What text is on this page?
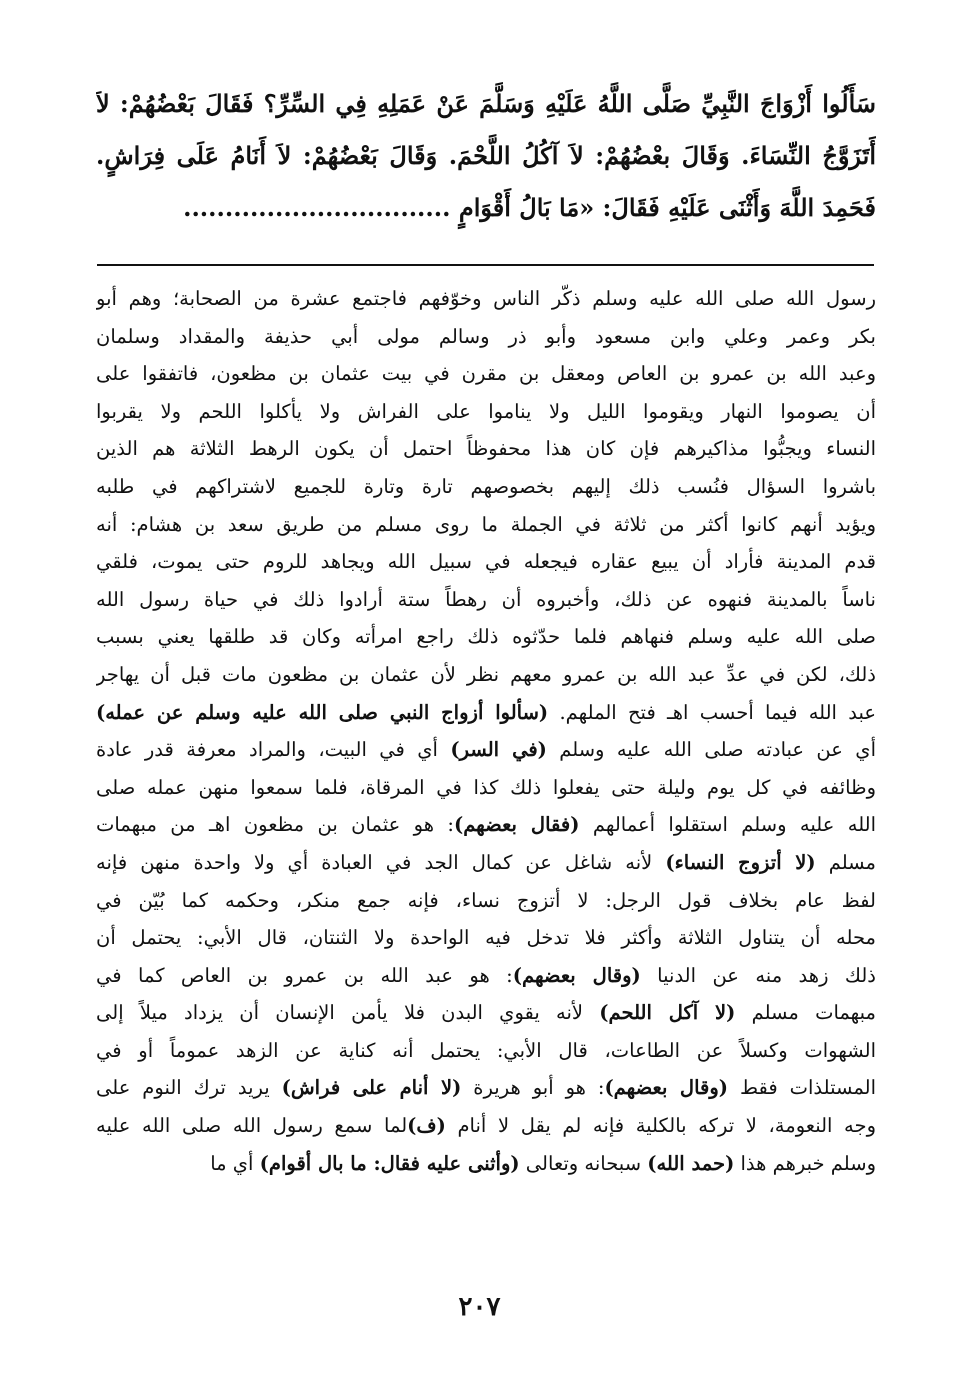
سَأَلُوا أَزْوَاجَ النَّبِيِّ صَلَّى اللَّهُ عَلَيْهِ وَسَلَّمَ عَنْ عَمَلِهِ فِي السِّرِّ؟ فَقَالَ بَعْضُهُمْ: لاَ
أَتَزَوَّجُ النِّسَاءَ. وَقَالَ بعْضُهُمْ: لاَ آكُلُ اللَّحْمَ. وَقَالَ بَعْضُهُمْ: لاَ أَنَامُ عَلَى فِرَاشٍ.
فَحَمِدَ اللَّهَ وَأَثْنَى عَلَيْهِ فَقَالَ: «مَا بَالُ أَقْوَامٍ ................................
رسول الله صلى الله عليه وسلم ذكّر الناس وخوّفهم فاجتمع عشرة من الصحابة؛ وهم أبو
بكر وعمر وعلي وابن مسعود وأبو ذر وسالم مولى أبي حذيفة والمقداد وسلمان
وعبد الله بن عمرو بن العاص ومعقل بن مقرن في بيت عثمان بن مظعون، فاتفقوا على
أن يصوموا النهار ويقوموا الليل ولا يناموا على الفراش ولا يأكلوا اللحم ولا يقربوا
النساء ويجبُّوا مذاكيرهم فإن كان هذا محفوظاً احتمل أن يكون الرهط الثلاثة هم الذين
باشروا السؤال فنُسب ذلك إليهم بخصوصهم تارة وتارة للجميع لاشتراكهم في طلبه
ويؤيد أنهم كانوا أكثر من ثلاثة في الجملة ما روى مسلم من طريق سعد بن هشام: أنه
قدم المدينة فأراد أن يبيع عقاره فيجعله في سبيل الله ويجاهد للروم حتى يموت، فلقي
ناساً بالمدينة فنهوه عن ذلك، وأخبروه أن رهطاً ستة أرادوا ذلك في حياة رسول الله
صلى الله عليه وسلم فنهاهم فلما حدّثوه ذلك راجع امرأته وكان قد طلقها يعني بسبب
ذلك، لكن في عدِّ عبد الله بن عمرو معهم نظر لأن عثمان بن مظعون مات قبل أن يهاجر
عبد الله فيما أحسب اهـ فتح الملهم. (سألوا أزواج النبي صلى الله عليه وسلم عن عمله)
أي عن عبادته صلى الله عليه وسلم (في السر) أي في البيت، والمراد معرفة قدر عادة
وظائفه في كل يوم وليلة حتى يفعلوا ذلك كذا في المرقاة، فلما سمعوا منهن عمله صلى
الله عليه وسلم استقلوا أعمالهم (فقال بعضهم): هو عثمان بن مظعون اهـ من مبهمات
مسلم (لا أتزوج النساء) لأنه شاغل عن كمال الجد في العبادة أي ولا واحدة منهن فإنه
لفظ عام بخلاف قول الرجل: لا أتزوج نساء، فإنه جمع منكر، وحكمه كما بُيّن في
محله أن يتناول الثلاثة وأكثر فلا تدخل فيه الواحدة ولا الثنتان، قال الأبي: يحتمل أن
ذلك زهد منه عن الدنيا (وقال بعضهم): هو عبد الله بن عمرو بن العاص كما في
مبهمات مسلم (لا آكل اللحم) لأنه يقوي البدن فلا يأمن الإنسان أن يزداد ميلاً إلى
الشهوات وكسلاً عن الطاعات، قال الأبي: يحتمل أنه كناية عن الزهد عموماً أو في
المستلذات فقط (وقال بعضهم): هو أبو هريرة (لا أنام على فراش) يريد ترك النوم على
وجه النعومة، لا تركه بالكلية فإنه لم يقل لا أنام (ف)لما سمع رسول الله صلى الله عليه
وسلم خبرهم هذا (حمد الله) سبحانه وتعالى (وأثنى عليه فقال: ما بال أقوام) أي ما
٢٠٧
